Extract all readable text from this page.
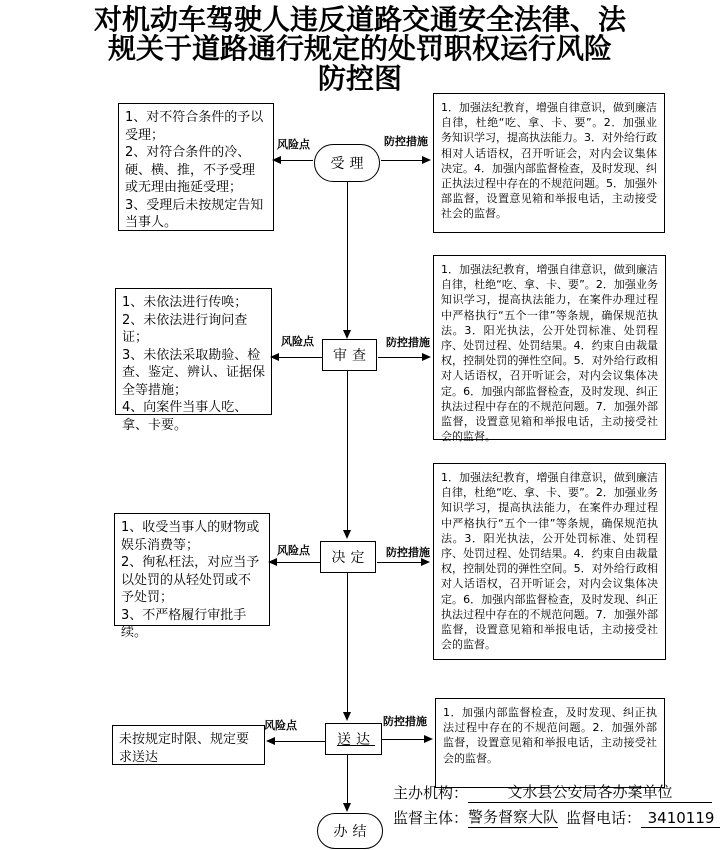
对机动车驾驶人违反道路交通安全法律、法
规关于道路通行规定的处罚职权运行风险
防控图
1、对不符合条件的予以受理；
2、对符合条件的冷、硬、横、推，不予受理或无理由拖延受理；
3、受理后未按规定告知当事人。
风险点
受理
防控措施
1．加强法纪教育，增强自律意识，做到廉洁自律，杜绝“吃、拿、卡、要”。2．加强业务知识学习，提高执法能力。3．对外给行政相对人话语权，召开听证会，对内会议集体决定。4．加强内部监督检查，及时发现、纠正执法过程中存在的不规范问题。5．加强外部监督，设置意见箱和举报电话，主动接受社会的监督。
1、未依法进行传唤；
2、未依法进行询问查证；
3、未依法采取勘验、检查、鉴定、辨认、证据保全等措施；
4、向案件当事人吃、拿、卡要。
风险点
审查
防控措施
1．加强法纪教育，增强自律意识，做到廉洁自律，杜绝“吃、拿、卡、要”。2．加强业务知识学习，提高执法能力，在案件办理过程中严格执行“五个一律”等条规，确保规范执法。3．阳光执法，公开处罚标准、处罚程序、处罚过程、处罚结果。4．约束自由裁量权，控制处罚的弹性空间。5．对外给行政相对人话语权，召开听证会，对内会议集体决定。6．加强内部监督检查，及时发现、纠正执法过程中存在的不规范问题。7．加强外部监督，设置意见箱和举报电话，主动接受社会的监督。
1、收受当事人的财物或娱乐消费等；
2、徇私枉法，对应当予以处罚的从轻处罚或不予处罚；
3、不严格履行审批手续。
风险点	决定 防控措施
1．加强法纪教育，增强自律意识，做到廉洁自律，杜绝“吃、拿、卡、要”。2．加强业务知识学习，提高执法能力，在案件办理过程中严格执行“五个一律”等条规，确保规范执法。3．阳光执法，公开处罚标准、处罚程序、处罚过程、处罚结果。4．约束自由裁量权，控制处罚的弹性空间。5．对外给行政相对人话语权，召开听证会，对内会议集体决定。6．加强内部监督检查，及时发现、纠正执法过程中存在的不规范问题。7．加强外部监督，设置意见箱和举报电话，主动接受社会的监督。
未按规定时限、规定要求送达
风险点
送达
防控措施
1．加强内部监督检查，及时发现、纠正执法过程中存在的不规范问题。2．加强外部监督，设置意见箱和举报电话，主动接受社会的监督。
办结
主办机构：	文水县公安局各办案单位
监督主体：警务督察大队 监督电话： 3410119
